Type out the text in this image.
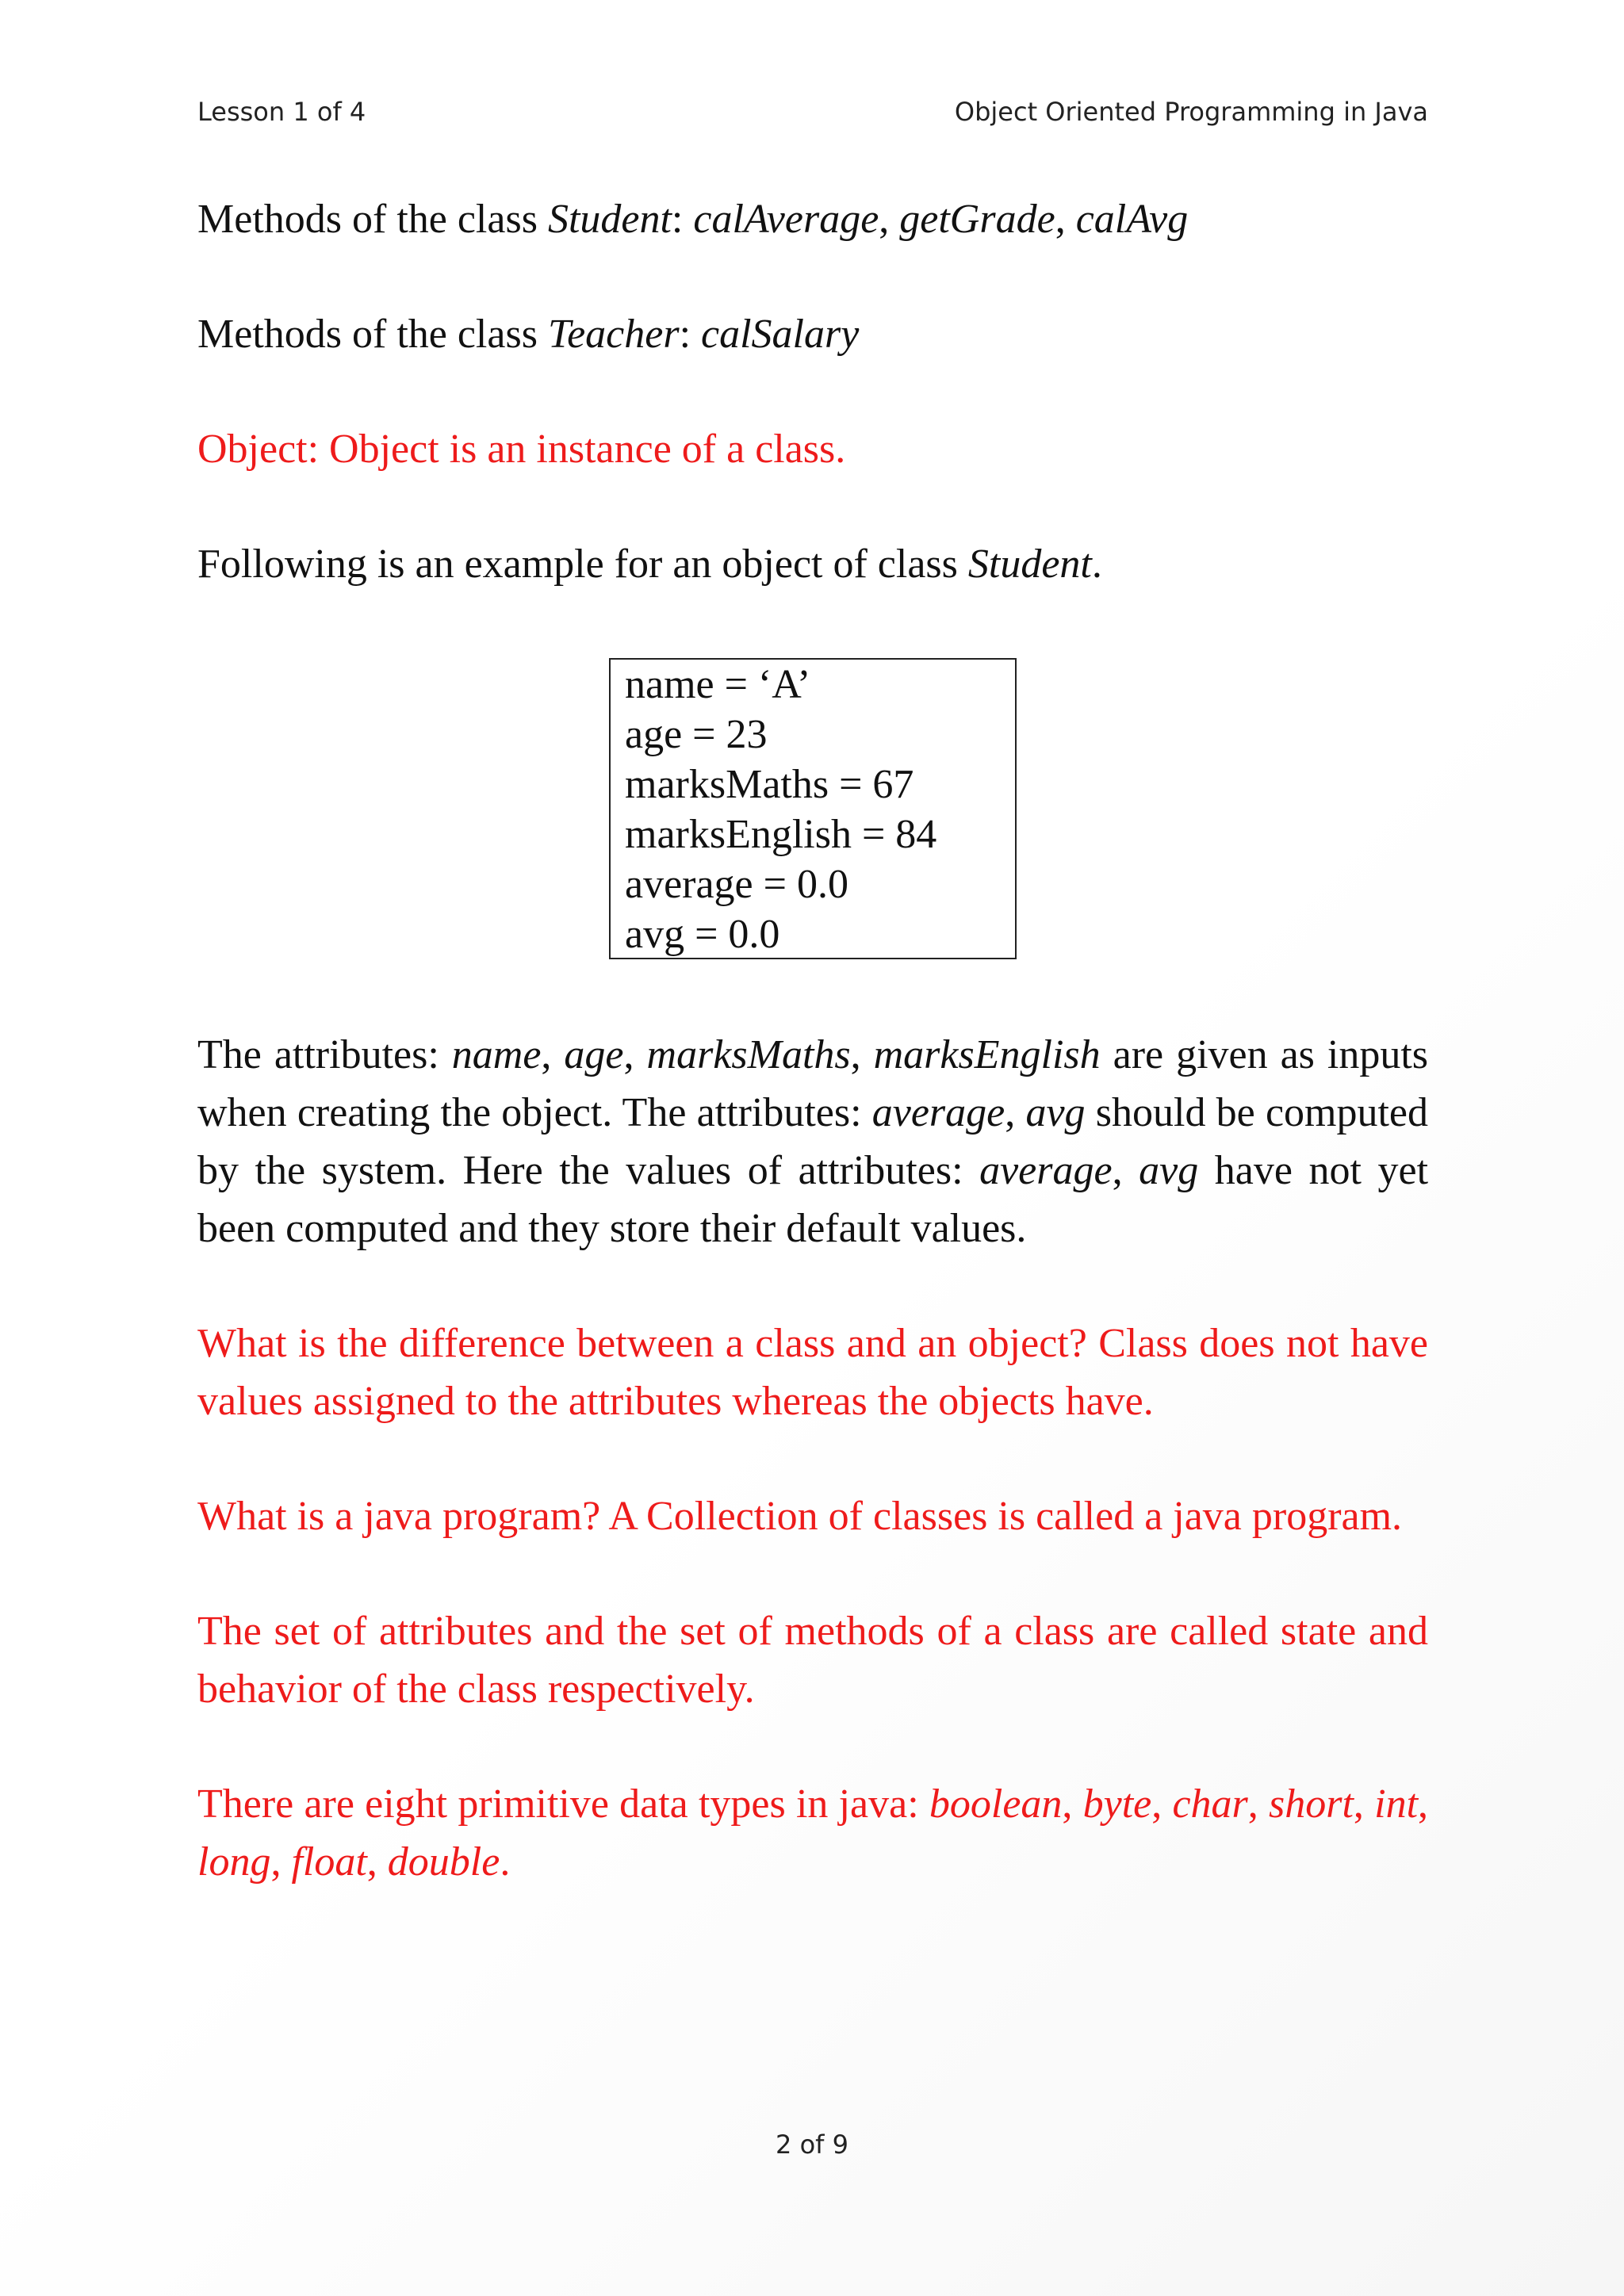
Lesson 1 of 4	Object Oriented Programming in Java

Methods of the class Student: calAverage, getGrade, calAvg

Methods of the class Teacher: calSalary

Object: Object is an instance of a class.

Following is an example for an object of class Student.

name = ‘A’
age = 23
marksMaths = 67
marksEnglish = 84
average = 0.0
avg = 0.0

The attributes: name, age, marksMaths, marksEnglish are given as inputs when creating the object. The attributes: average, avg should be computed by the system. Here the values of attributes: average, avg have not yet been computed and they store their default values.

What is the difference between a class and an object? Class does not have values assigned to the attributes whereas the objects have.

What is a java program? A Collection of classes is called a java program.

The set of attributes and the set of methods of a class are called state and behavior of the class respectively.

There are eight primitive data types in java: boolean, byte, char, short, int, long, float, double.

2 of 9
